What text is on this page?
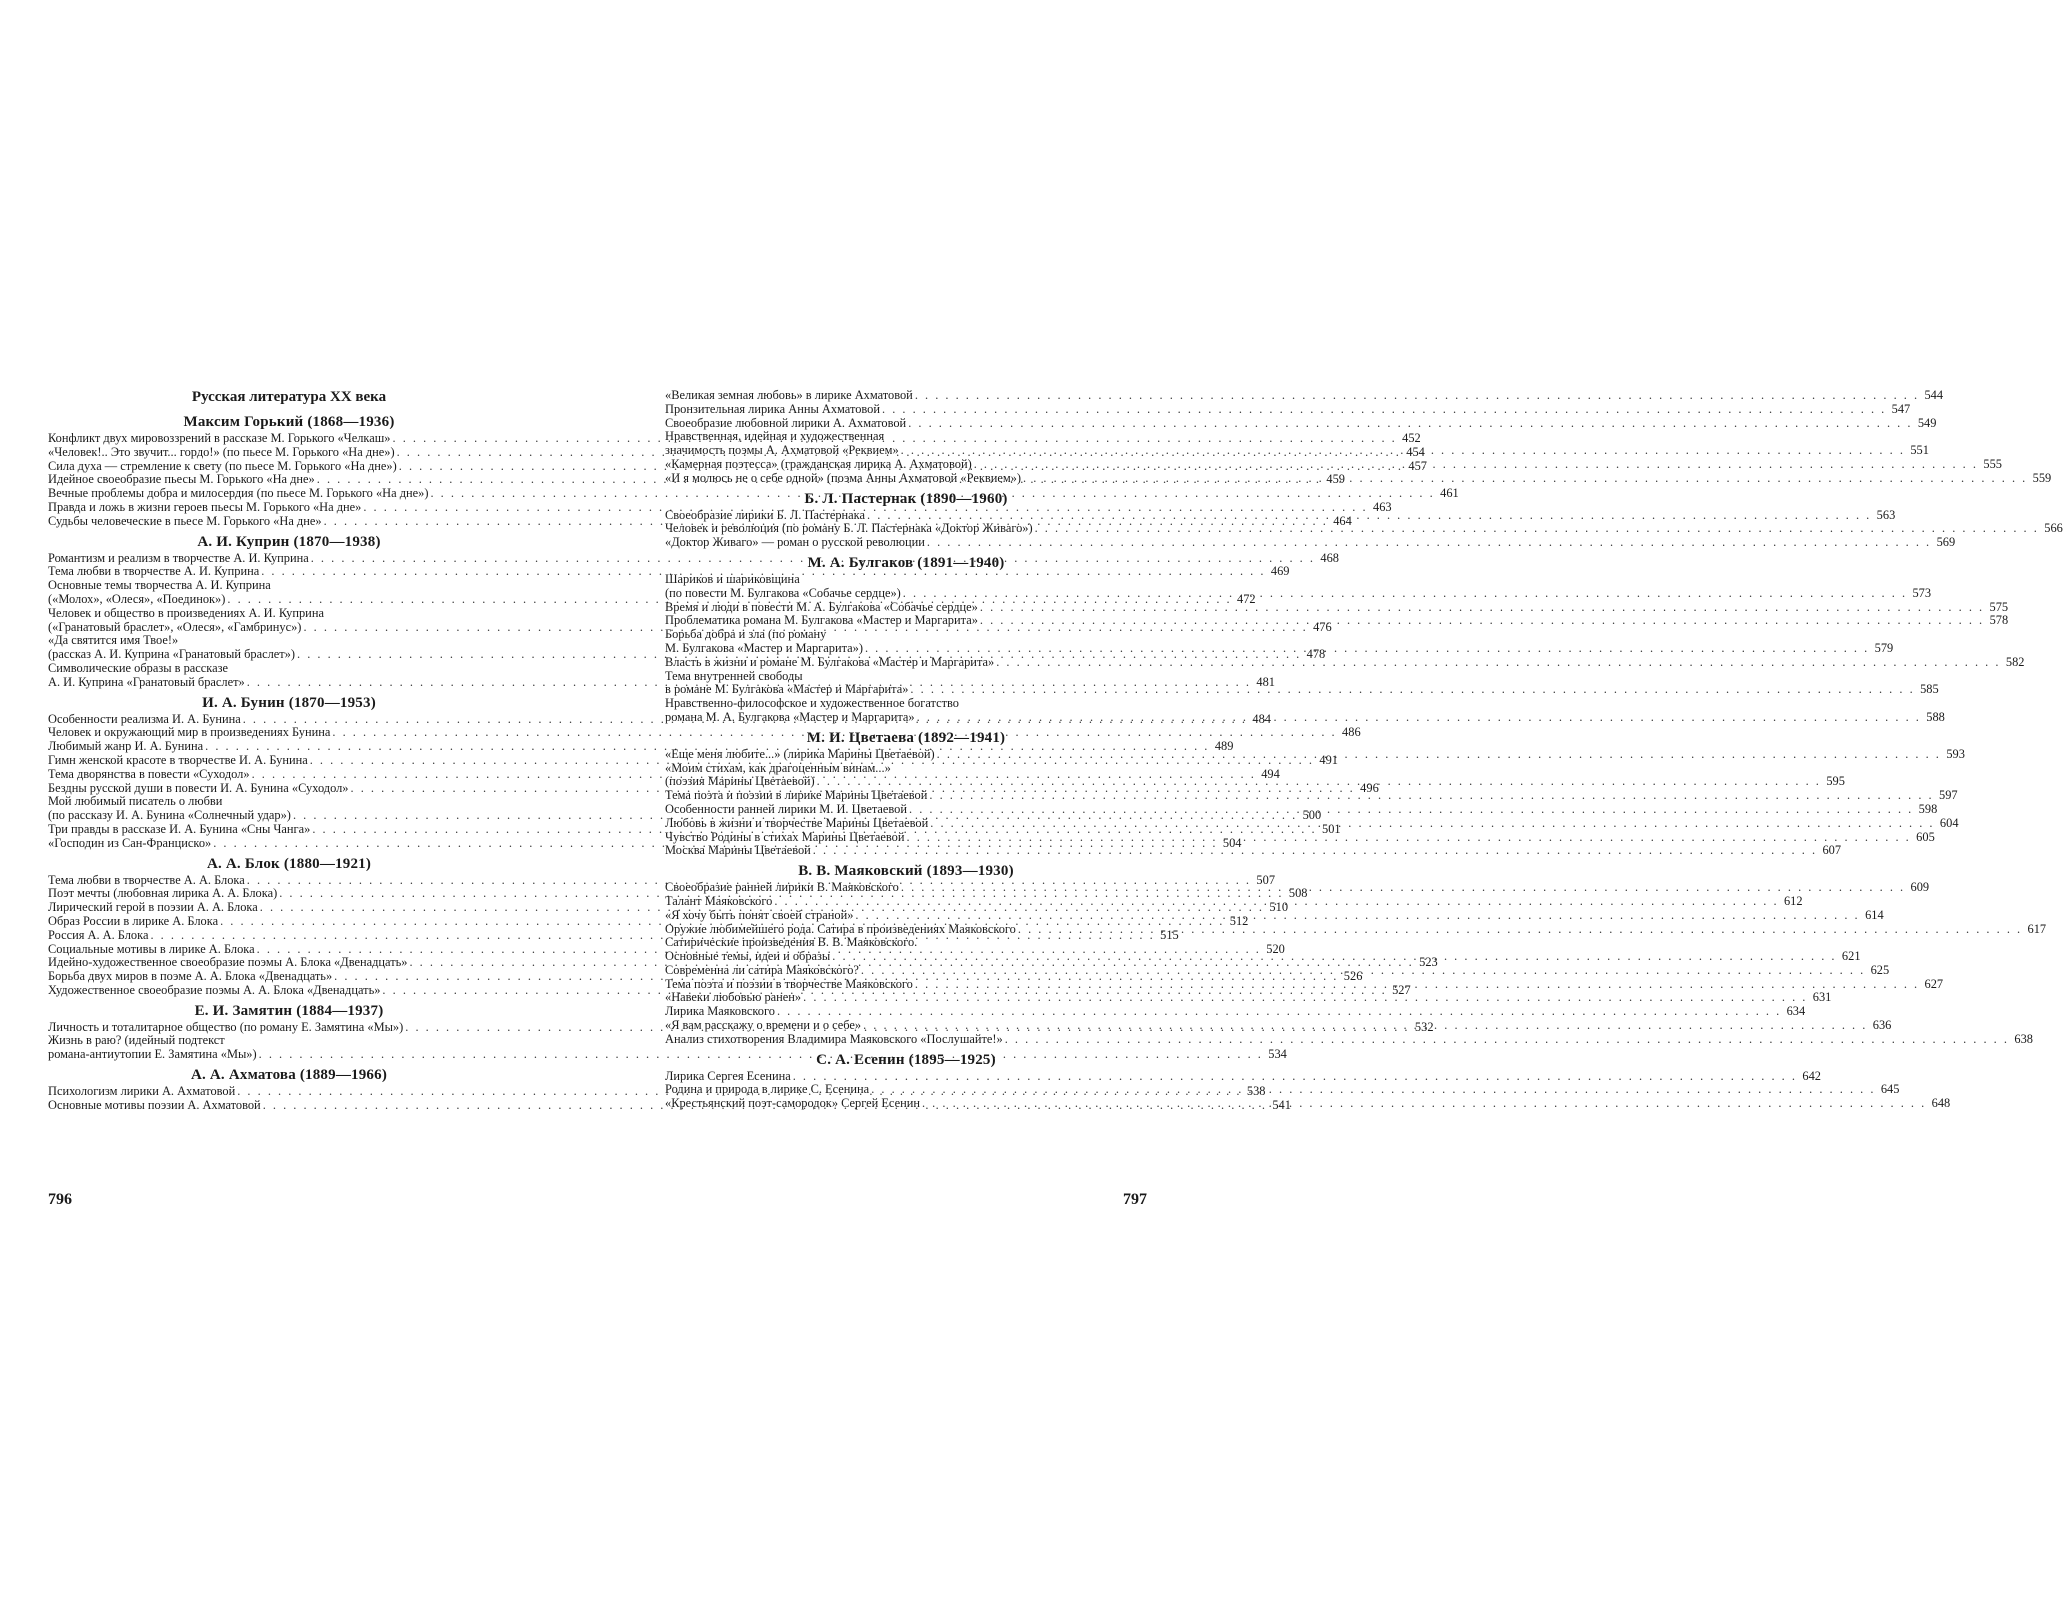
Русская литература XX века
Максим Горький (1868—1936)
Конфликт двух мировоззрений в рассказе М. Горького «Челкаш» . . .	452
«Человек!.. Это звучит... гордо!» (по пьесе М. Горького «На дне») . . .	454
Сила духа — стремление к свету (по пьесе М. Горького «На дне») . . .	457
Идейное своеобразие пьесы М. Горького «На дне» . . .	459
Вечные проблемы добра и милосердия (по пьесе М. Горького «На дне») . . .	461
Правда и ложь в жизни героев пьесы М. Горького «На дне» . . .	463
Судьбы человеческие в пьесе М. Горького «На дне» . . .	464
А. И. Куприн (1870—1938)
Романтизм и реализм в творчестве А. И. Куприна . . .	468
Тема любви в творчестве А. И. Куприна . . .	469
Основные темы творчества А. И. Куприна
(«Молох», «Олеся», «Поединок») . . .	472
Человек и общество в произведениях А. И. Куприна
(«Гранатовый браслет», «Олеся», «Гамбринус») . . .	476
«Да святится имя Твое!»
(рассказ А. И. Куприна «Гранатовый браслет») . . .	478
Символические образы в рассказе
А. И. Куприна «Гранатовый браслет» . . .	481
И. А. Бунин (1870—1953)
Особенности реализма И. А. Бунина . . .	484
Человек и окружающий мир в произведениях Бунина . . .	486
Любимый жанр И. А. Бунина . . .	489
Гимн женской красоте в творчестве И. А. Бунина . . .	491
Тема дворянства в повести «Суходол» . . .	494
Бездны русской души в повести И. А. Бунина «Суходол» . . .	496
Мой любимый писатель о любви
(по рассказу И. А. Бунина «Солнечный удар») . . .	500
Три правды в рассказе И. А. Бунина «Сны Чанга» . . .	501
«Господин из Сан-Франциско» . . .	504
А. А. Блок (1880—1921)
Тема любви в творчестве А. А. Блока . . .	507
Поэт мечты (любовная лирика А. А. Блока) . . .	508
Лирический герой в поэзии А. А. Блока . . .	510
Образ России в лирике А. Блока . . .	512
Россия А. А. Блока . . .	515
Социальные мотивы в лирике А. Блока . . .	520
Идейно-художественное своеобразие поэмы А. Блока «Двенадцать» . . .	523
Борьба двух миров в поэме А. А. Блока «Двенадцать» . . .	526
Художественное своеобразие поэмы А. А. Блока «Двенадцать» . . .	527
Е. И. Замятин (1884—1937)
Личность и тоталитарное общество (по роману Е. Замятина «Мы») . . .	532
Жизнь в раю? (идейный подтекст
романа-антиутопии Е. Замятина «Мы») . . .	534
А. А. Ахматова (1889—1966)
Психологизм лирики А. Ахматовой . . .	538
Основные мотивы поэзии А. Ахматовой . . .	541
796
«Великая земная любовь» в лирике Ахматовой . . .	544
Пронзительная лирика Анны Ахматовой . . .	547
Своеобразие любовной лирики А. Ахматовой . . .	549
Нравственная, идейная и художественная
значимость поэмы А. Ахматовой «Реквием» . . .	551
«Камерная поэтесса» (гражданская лирика А. Ахматовой) . . .	555
«И я молюсь не о себе одной» (поэма Анны Ахматовой «Реквием») . . .	559
Б. Л. Пастернак (1890—1960)
Своеобразие лирики Б. Л. Пастернака . . .	563
Человек и революция (по роману Б. Л. Пастернака «Доктор Живаго») . . .	566
«Доктор Живаго» — роман о русской революции . . .	569
М. А. Булгаков (1891—1940)
Шариков и шариковщина
(по повести М. Булгакова «Собачье сердце») . . .	573
Время и люди в повести М. А. Булгакова «Собачье сердце» . . .	575
Проблематика романа М. Булгакова «Мастер и Маргарита» . . .	578
Борьба добра и зла (по роману
М. Булгакова «Мастер и Маргарита») . . .	579
Власть в жизни и романе М. Булгакова «Мастер и Маргарита» . . .	582
Тема внутренней свободы
в романе М. Булгакова «Мастер и Маргарита» . . .	585
Нравственно-философское и художественное богатство
романа М. А. Булгакова «Мастер и Маргарита» . . .	588
М. И. Цветаева (1892—1941)
«Еще меня любите...» (лирика Марины Цветаевой) . . .	593
«Моим стихам, как драгоценным винам...»
(поэзия Марины Цветаевой) . . .	595
Тема поэта и поэзии в лирике Марины Цветаевой . . .	597
Особенности ранней лирики М. И. Цветаевой . . .	598
Любовь в жизни и творчестве Марины Цветаевой . . .	604
Чувство Родины в стихах Марины Цветаевой . . .	605
Москва Марины Цветаевой . . .	607
В. В. Маяковский (1893—1930)
Своеобразие ранней лирики В. Маяковского . . .	609
Талант Маяковского . . .	612
«Я хочу быть понят своей страной» . . .	614
Оружие любимейшего рода. Сатира в произведениях Маяковского . . .	617
Сатирические произведения В. В. Маяковского.
Основные темы, идеи и образы . . .	621
Современна ли сатира Маяковского? . . .	625
Тема поэта и поэзии в творчестве Маяковского . . .	627
«Навеки любовью ранен» . . .	631
Лирика Маяковского . . .	634
«Я вам расскажу о времени и о себе» . . .	636
Анализ стихотворения Владимира Маяковского «Послушайте!» . . .	638
С. А. Есенин (1895—1925)
Лирика Сергея Есенина . . .	642
Родина и природа в лирике С. Есенина . . .	645
«Крестьянский поэт-самородок» Сергей Есенин . . .	648
797
